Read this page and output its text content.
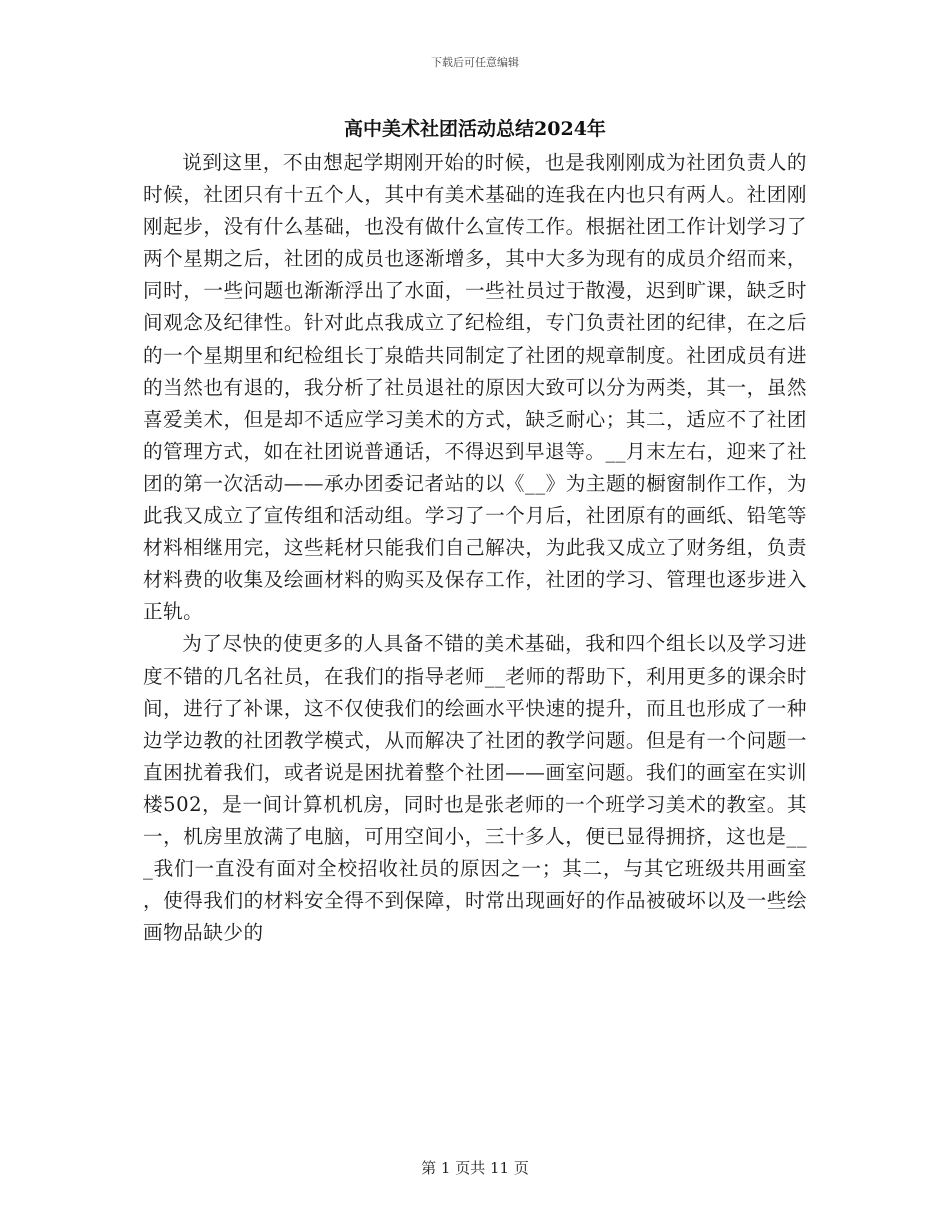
下载后可任意编辑
高中美术社团活动总结2024年

说到这里，不由想起学期刚开始的时候，也是我刚刚成为社团负责人的时候，社团只有十五个人，其中有美术基础的连我在内也只有两人。社团刚刚起步，没有什么基础，也没有做什么宣传工作。根据社团工作计划学习了两个星期之后，社团的成员也逐渐增多，其中大多为现有的成员介绍而来，同时，一些问题也渐渐浮出了水面，一些社员过于散漫，迟到旷课，缺乏时间观念及纪律性。针对此点我成立了纪检组，专门负责社团的纪律，在之后的一个星期里和纪检组长丁泉皓共同制定了社团的规章制度。社团成员有进的当然也有退的，我分析了社员退社的原因大致可以分为两类，其一，虽然喜爱美术，但是却不适应学习美术的方式，缺乏耐心；其二，适应不了社团的管理方式，如在社团说普通话，不得迟到早退等。__月末左右，迎来了社团的第一次活动——承办团委记者站的以《__》为主题的橱窗制作工作，为此我又成立了宣传组和活动组。学习了一个月后，社团原有的画纸、铅笔等材料相继用完，这些耗材只能我们自己解决，为此我又成立了财务组，负责材料费的收集及绘画材料的购买及保存工作，社团的学习、管理也逐步进入正轨。

为了尽快的使更多的人具备不错的美术基础，我和四个组长以及学习进度不错的几名社员，在我们的指导老师__老师的帮助下，利用更多的课余时间，进行了补课，这不仅使我们的绘画水平快速的提升，而且也形成了一种边学边教的社团教学模式，从而解决了社团的教学问题。但是有一个问题一直困扰着我们，或者说是困扰着整个社团——画室问题。我们的画室在实训楼502，是一间计算机机房，同时也是张老师的一个班学习美术的教室。其一，机房里放满了电脑，可用空间小，三十多人，便已显得拥挤，这也是___我们一直没有面对全校招收社员的原因之一；其二，与其它班级共用画室，使得我们的材料安全得不到保障，时常出现画好的作品被破坏以及一些绘画物品缺少的

第 1 页共 11 页
